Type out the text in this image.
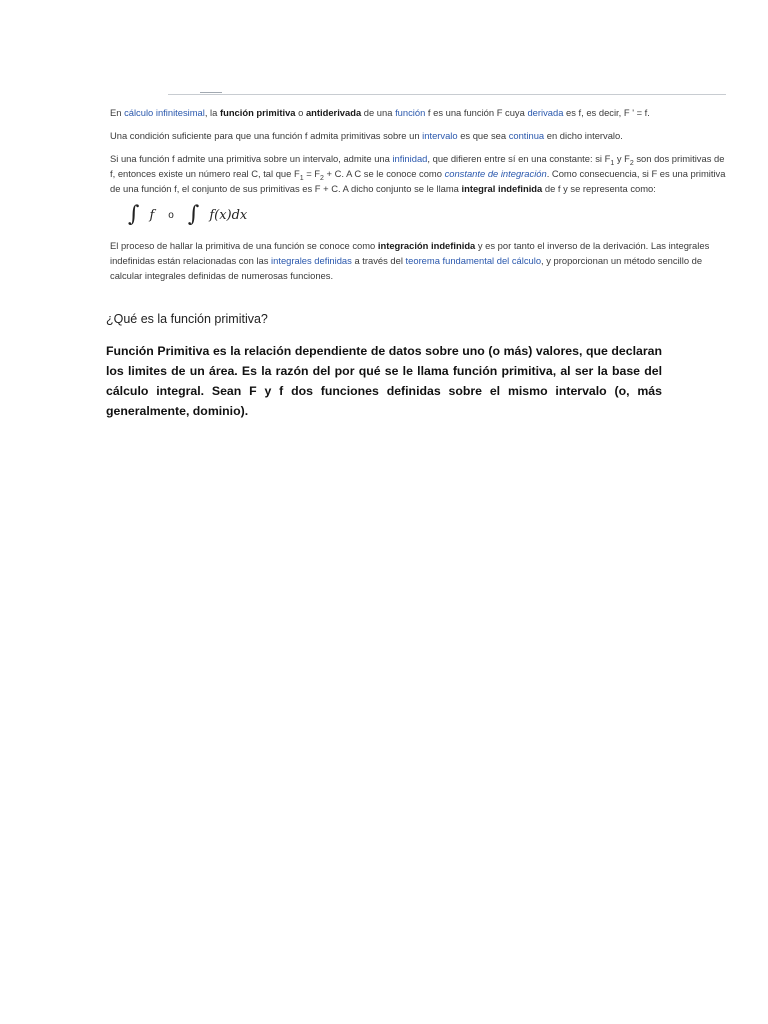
En cálculo infinitesimal, la función primitiva o antiderivada de una función f es una función F cuya derivada es f, es decir, F ' = f.

Una condición suficiente para que una función f admita primitivas sobre un intervalo es que sea continua en dicho intervalo.

Si una función f admite una primitiva sobre un intervalo, admite una infinidad, que difieren entre sí en una constante: si $F_1$ y $F_2$ son dos primitivas de f, entonces existe un número real C, tal que $F_1 = F_2 + C$. A C se le conoce como constante de integración. Como consecuencia, si F es una primitiva de una función f, el conjunto de sus primitivas es F + C. A dicho conjunto se le llama integral indefinida de f y se representa como:

∫ f o ∫ f(x)dx

El proceso de hallar la primitiva de una función se conoce como integración indefinida y es por tanto el inverso de la derivación. Las integrales indefinidas están relacionadas con las integrales definidas a través del teorema fundamental del cálculo, y proporcionan un método sencillo de calcular integrales definidas de numerosas funciones.

¿Qué es la función primitiva?

Función Primitiva es la relación dependiente de datos sobre uno (o más) valores, que declaran los limites de un área. Es la razón del por qué se le llama función primitiva, al ser la base del cálculo integral. Sean F y f dos funciones definidas sobre el mismo intervalo (o, más generalmente, dominio).
